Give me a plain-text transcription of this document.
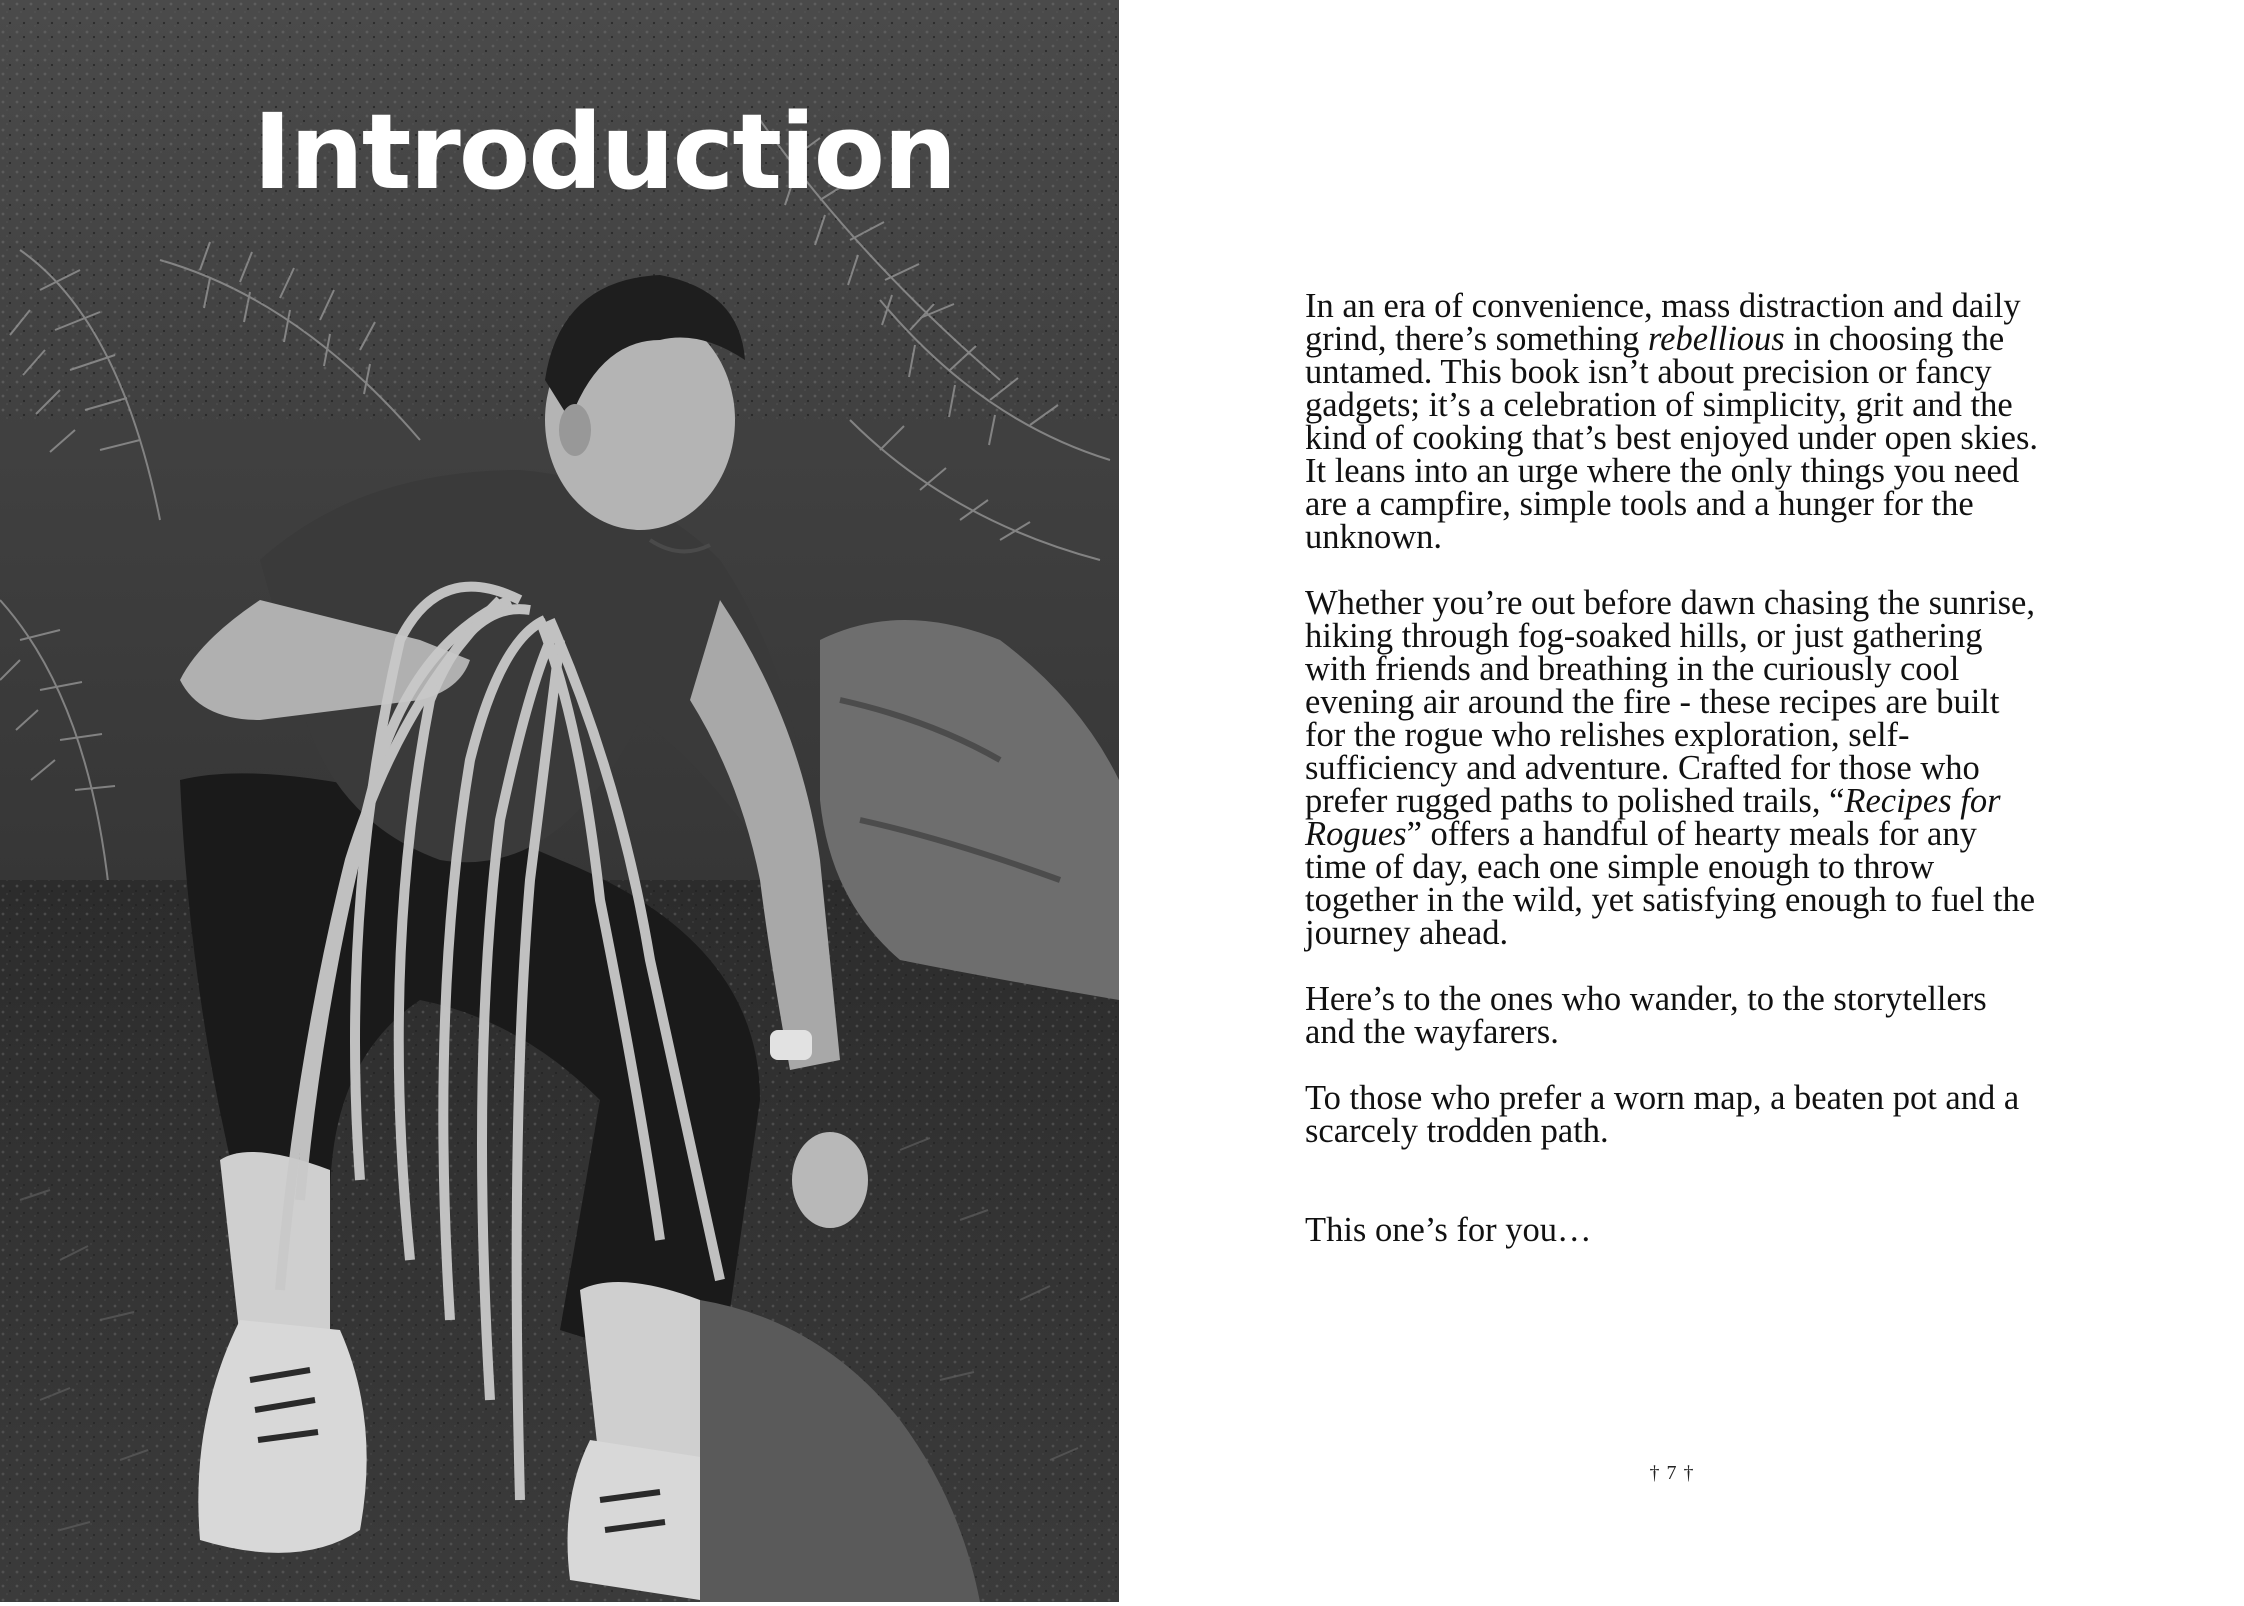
Introduction

In an era of convenience, mass distraction and daily grind, there’s something rebellious in choosing the untamed. This book isn’t about precision or fancy gadgets; it’s a celebration of simplicity, grit and the kind of cooking that’s best enjoyed under open skies. It leans into an urge where the only things you need are a campfire, simple tools and a hunger for the unknown.

Whether you’re out before dawn chasing the sunrise, hiking through fog-soaked hills, or just gathering with friends and breathing in the curiously cool evening air around the fire - these recipes are built for the rogue who relishes exploration, self-sufficiency and adventure. Crafted for those who prefer rugged paths to polished trails, “Recipes for Rogues” offers a handful of hearty meals for any time of day, each one simple enough to throw together in the wild, yet satisfying enough to fuel the journey ahead.

Here’s to the ones who wander, to the storytellers and the wayfarers.

To those who prefer a worn map, a beaten pot and a scarcely trodden path.

This one’s for you…

† 7 †
